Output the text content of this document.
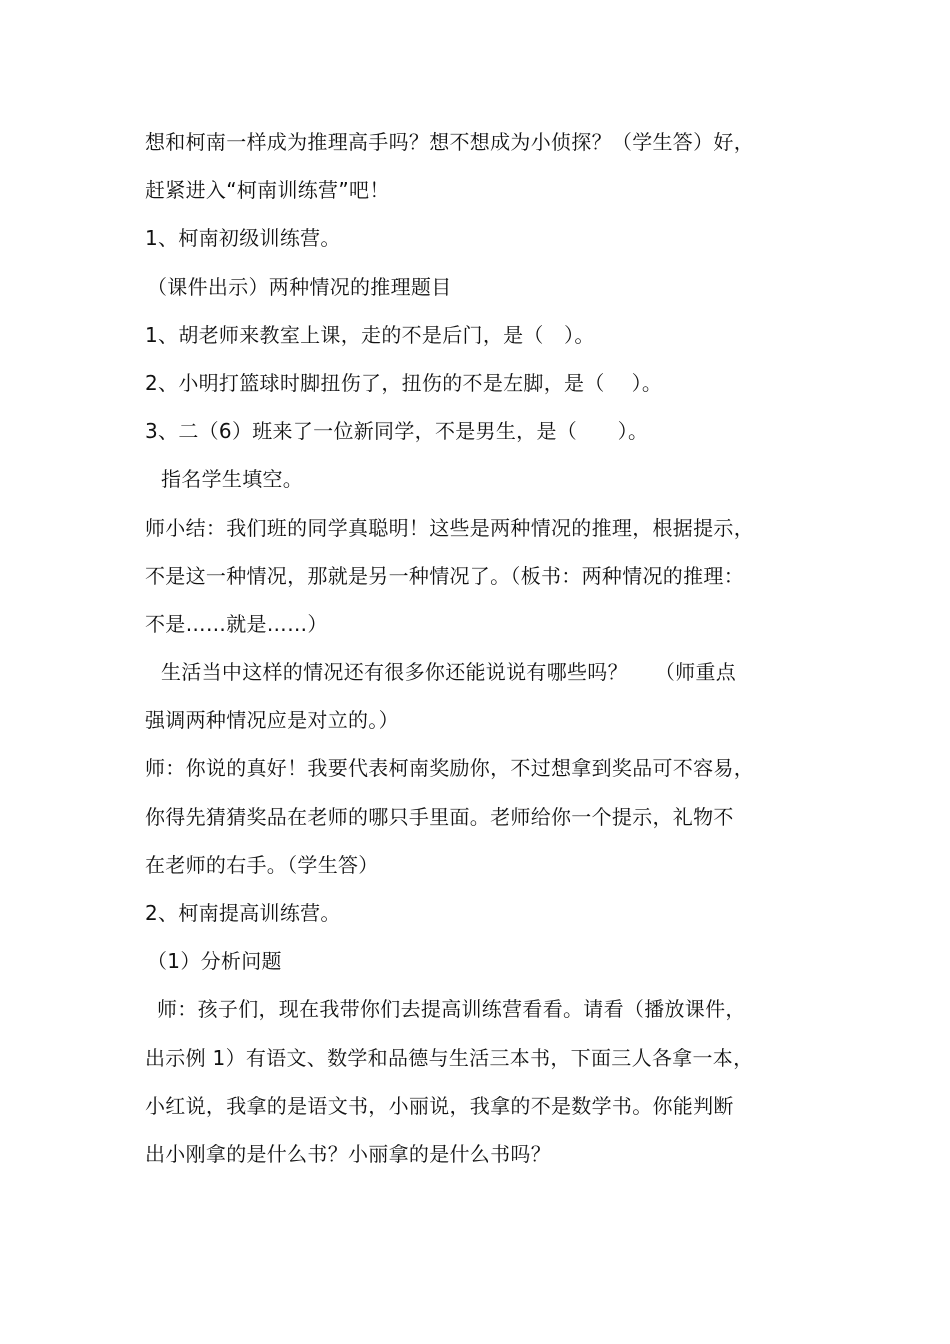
想和柯南一样成为推理高手吗？想不想成为小侦探？（学生答）好，
赶紧进入“柯南训练营”吧！
1、柯南初级训练营。
（课件出示）两种情况的推理题目
1、胡老师来教室上课，走的不是后门，是（　）。
2、小明打篮球时脚扭伤了，扭伤的不是左脚，是（　 ）。
3、二（6）班来了一位新同学，不是男生，是（　　）。
指名学生填空。
师小结：我们班的同学真聪明！这些是两种情况的推理，根据提示，
不是这一种情况，那就是另一种情况了。（板书：两种情况的推理：
不是……就是……）
生活当中这样的情况还有很多你还能说说有哪些吗？　 （师重点
强调两种情况应是对立的。）
师：你说的真好！我要代表柯南奖励你，不过想拿到奖品可不容易，
你得先猜猜奖品在老师的哪只手里面。老师给你一个提示，礼物不
在老师的右手。（学生答）
2、柯南提高训练营。
（1）分析问题
师：孩子们，现在我带你们去提高训练营看看。请看（播放课件，
出示例 1）有语文、数学和品德与生活三本书，下面三人各拿一本，
小红说，我拿的是语文书，小丽说，我拿的不是数学书。你能判断
出小刚拿的是什么书？小丽拿的是什么书吗？
